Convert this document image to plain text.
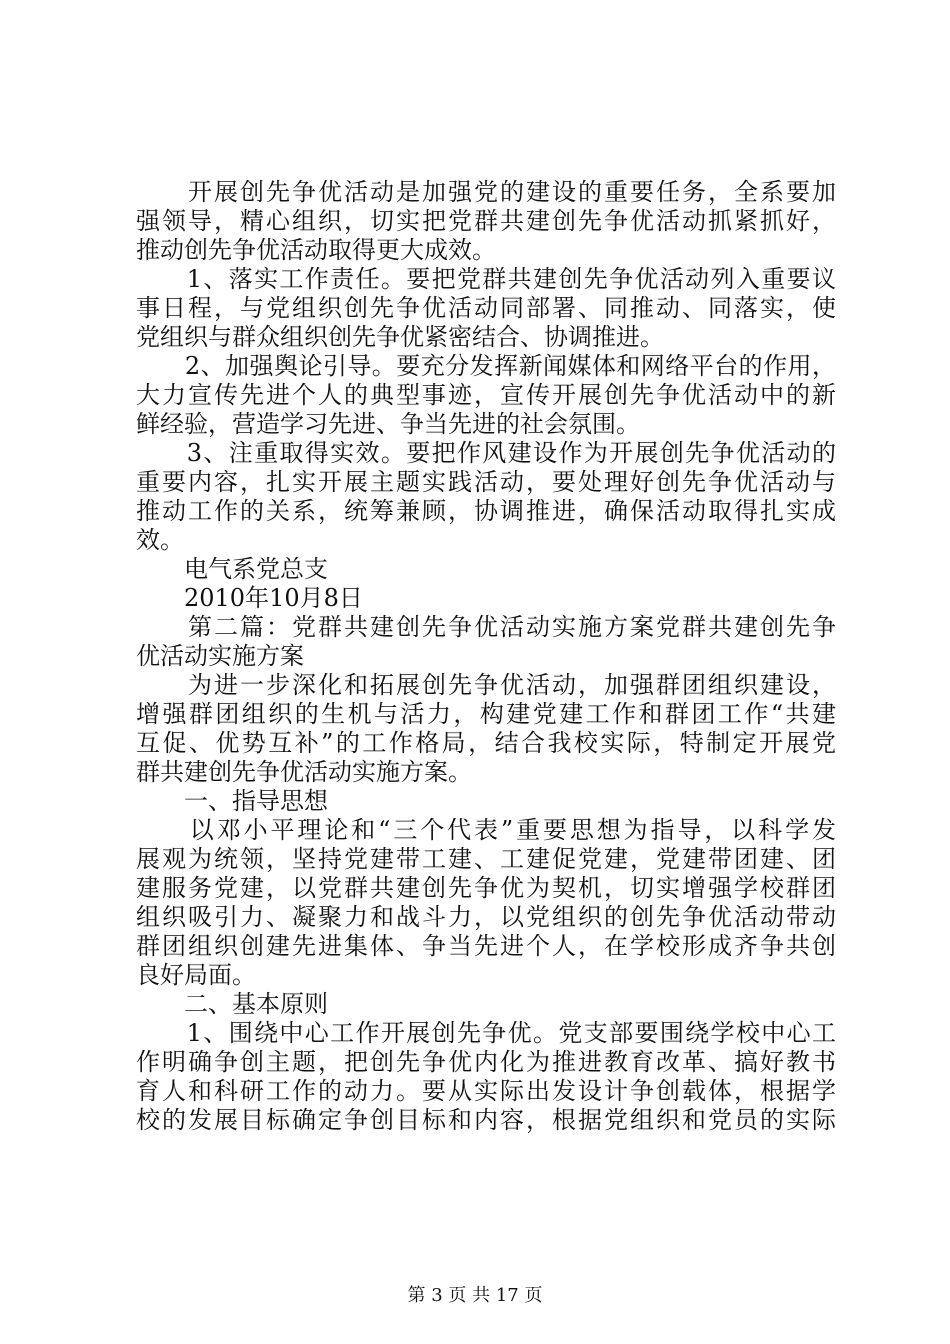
　　开展创先争优活动是加强党的建设的重要任务，全系要加
强领导，精心组织，切实把党群共建创先争优活动抓紧抓好，
推动创先争优活动取得更大成效。
　　1、落实工作责任。要把党群共建创先争优活动列入重要议
事日程，与党组织创先争优活动同部署、同推动、同落实，使
党组织与群众组织创先争优紧密结合、协调推进。
　　2、加强舆论引导。要充分发挥新闻媒体和网络平台的作用，
大力宣传先进个人的典型事迹，宣传开展创先争优活动中的新
鲜经验，营造学习先进、争当先进的社会氛围。
　　3、注重取得实效。要把作风建设作为开展创先争优活动的
重要内容，扎实开展主题实践活动，要处理好创先争优活动与
推动工作的关系，统筹兼顾，协调推进，确保活动取得扎实成
效。
　　电气系党总支
　　2010年10月8日
　　第二篇：党群共建创先争优活动实施方案党群共建创先争
优活动实施方案
　　为进一步深化和拓展创先争优活动，加强群团组织建设，
增强群团组织的生机与活力，构建党建工作和群团工作“共建
互促、优势互补”的工作格局，结合我校实际，特制定开展党
群共建创先争优活动实施方案。
　　一、指导思想
　　以邓小平理论和“三个代表”重要思想为指导，以科学发
展观为统领，坚持党建带工建、工建促党建，党建带团建、团
建服务党建，以党群共建创先争优为契机，切实增强学校群团
组织吸引力、凝聚力和战斗力，以党组织的创先争优活动带动
群团组织创建先进集体、争当先进个人，在学校形成齐争共创
良好局面。
　　二、基本原则
　　1、围绕中心工作开展创先争优。党支部要围绕学校中心工
作明确争创主题，把创先争优内化为推进教育改革、搞好教书
育人和科研工作的动力。要从实际出发设计争创载体，根据学
校的发展目标确定争创目标和内容，根据党组织和党员的实际
第 3 页 共 17 页
